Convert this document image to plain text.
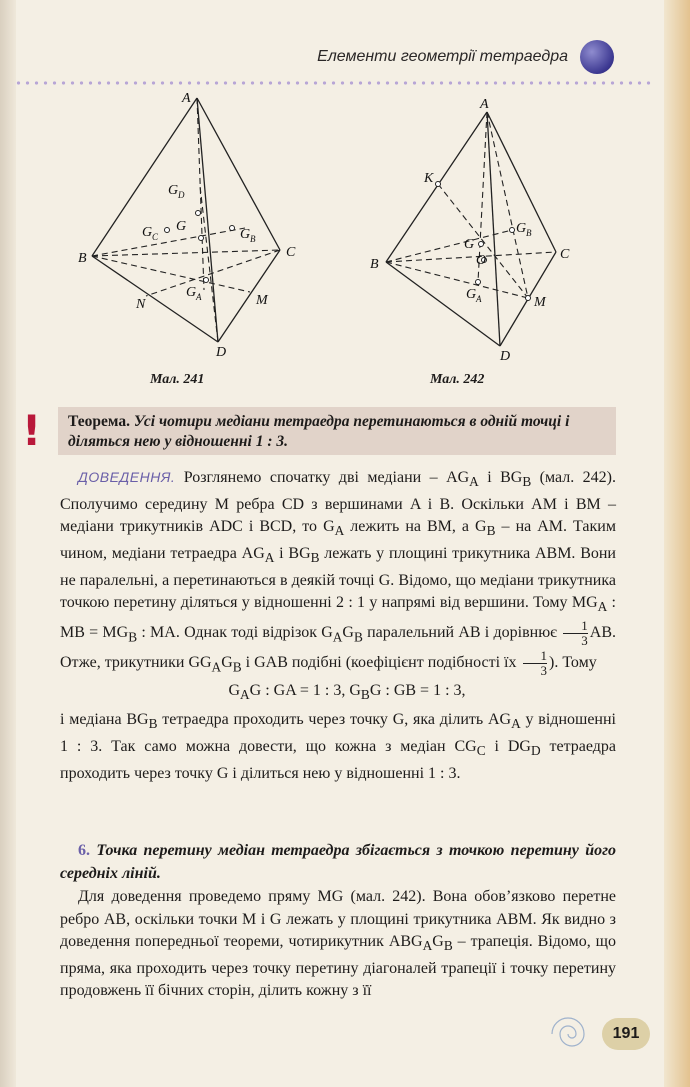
Елементи геометрії тетраедра
A
B	C
D
N	M
G D
G C
G
G B
G A
Мал. 241
A
B
C
D
K
M
G
O
G B
G A
Мал. 242
!	Теорема. Усі чотири медіани тетраедра перетинаються в одній точці і діляться нею у відношенні 1 : 3.
ДОВЕДЕННЯ. Розглянемо спочатку дві медіани – $AG_A$ і $BG_B$ (мал. 242). Сполучимо середину M ребра CD з вершинами A і B. Оскільки AM і BM – медіани трикутників ADC і BCD, то $G_A$ лежить на BM, а $G_B$ – на AM. Таким чином, медіани тетраедра $AG_A$ і $BG_B$ лежать у площині трикутника ABM. Вони не паралельні, а перетинаються в деякій точці G. Відомо, що медіани трикутника точкою перетину діляться у відношенні 2 : 1 у напрямі від вершини. Тому $MG_A$ : MB = $MG_B$ : MA. Однак тоді відрізок $G_AG_B$ паралельний AB і дорівнює $\frac{1}{3}$ AB. Отже, трикутники $GG_AG_B$ і GAB подібні (коефіцієнт подібності їх $\frac{1}{3}$ ). Тому
$G_AG$ : GA = 1 : 3, $G_BG$ : GB = 1 : 3,
і медіана $BG_B$ тетраедра проходить через точку G, яка ділить $AG_A$ у відношенні 1 : 3. Так само можна довести, що кожна з медіан $CG_C$ і $DG_D$ тетраедра проходить через точку G і ділиться нею у відношенні 1 : 3.
6. Точка перетину медіан тетраедра збігається з точкою перетину його середніх ліній.
Для доведення проведемо пряму MG (мал. 242). Вона обов’язково перетне ребро AB, оскільки точки M і G лежать у площині трикутника ABM. Як видно з доведення попередньої теореми, чотирикутник $ABG_AG_B$ – трапеція. Відомо, що пряма, яка проходить через точку перетину діагоналей трапеції і точку перетину продовжень її бічних сторін, ділить кожну з її
191
